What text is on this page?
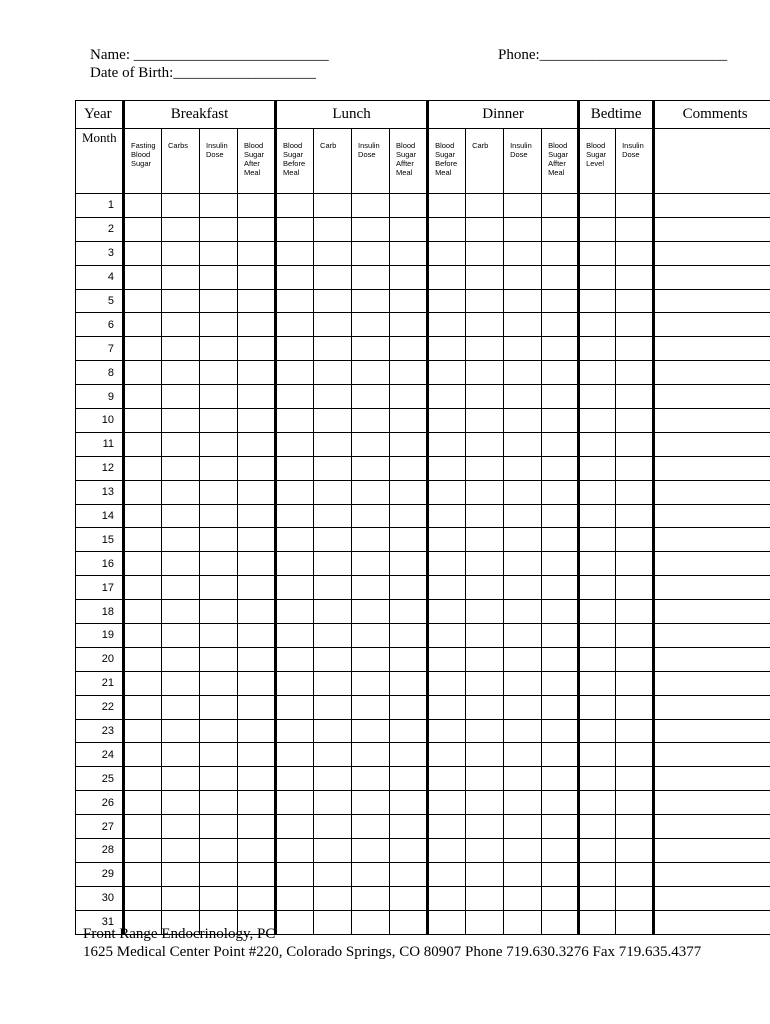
Name: __________________________	Phone:_________________________
Date of Birth:___________________
Year	Breakfast				Lunch				Dinner				Bedtime		Comments
Month	Fasting Blood Sugar	Carbs	Insulin Dose	Blood Sugar After Meal	Blood Sugar Before Meal	Carb	Insulin Dose	Blood Sugar Affter Meal	Blood Sugar Before Meal	Carb	Insulin Dose	Blood Sugar Affter Meal	Blood Sugar Level	Insulin Dose	
1															
2															
3															
4															
5															
6															
7															
8															
9															
10															
11															
12															
13															
14															
15															
16															
17															
18															
19															
20															
21															
22															
23															
24															
25															
26															
27															
28															
29															
30															
31															
Front Range Endocrinology, PC
1625 Medical Center Point #220, Colorado Springs, CO 80907 Phone 719.630.3276 Fax 719.635.4377
